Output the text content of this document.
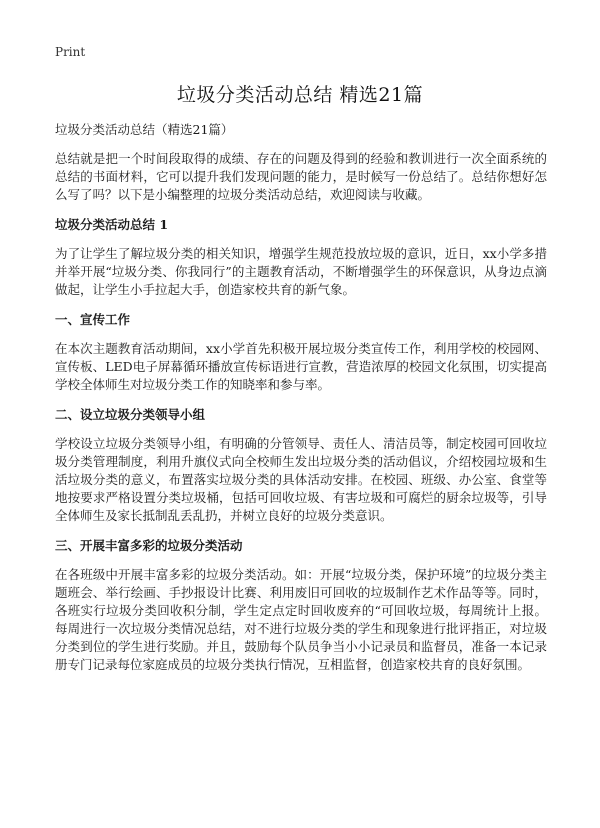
Print
垃圾分类活动总结 精选21篇

垃圾分类活动总结（精选21篇）

总结就是把一个时间段取得的成绩、存在的问题及得到的经验和教训进行一次全面系统的总结的书面材料，它可以提升我们发现问题的能力，是时候写一份总结了。总结你想好怎么写了吗？以下是小编整理的垃圾分类活动总结，欢迎阅读与收藏。

垃圾分类活动总结 1

为了让学生了解垃圾分类的相关知识，增强学生规范投放垃圾的意识，近日，xx小学多措并举开展“垃圾分类、你我同行”的主题教育活动，不断增强学生的环保意识，从身边点滴做起，让学生小手拉起大手，创造家校共育的新气象。

一、宣传工作

在本次主题教育活动期间，xx小学首先积极开展垃圾分类宣传工作，利用学校的校园网、宣传板、LED电子屏幕循环播放宣传标语进行宣教，营造浓厚的校园文化氛围，切实提高学校全体师生对垃圾分类工作的知晓率和参与率。

二、设立垃圾分类领导小组

学校设立垃圾分类领导小组，有明确的分管领导、责任人、清洁员等，制定校园可回收垃圾分类管理制度，利用升旗仪式向全校师生发出垃圾分类的活动倡议，介绍校园垃圾和生活垃圾分类的意义，布置落实垃圾分类的具体活动安排。在校园、班级、办公室、食堂等地按要求严格设置分类垃圾桶，包括可回收垃圾、有害垃圾和可腐烂的厨余垃圾等，引导全体师生及家长抵制乱丢乱扔，并树立良好的垃圾分类意识。

三、开展丰富多彩的垃圾分类活动

在各班级中开展丰富多彩的垃圾分类活动。如：开展“垃圾分类，保护环境”的垃圾分类主题班会、举行绘画、手抄报设计比赛、利用废旧可回收的垃圾制作艺术作品等等。同时，各班实行垃圾分类回收积分制，学生定点定时回收废弃的“可回收垃圾，每周统计上报。每周进行一次垃圾分类情况总结，对不进行垃圾分类的学生和现象进行批评指正，对垃圾分类到位的学生进行奖励。并且，鼓励每个队员争当小小记录员和监督员，准备一本记录册专门记录每位家庭成员的垃圾分类执行情况，互相监督，创造家校共育的良好氛围。
